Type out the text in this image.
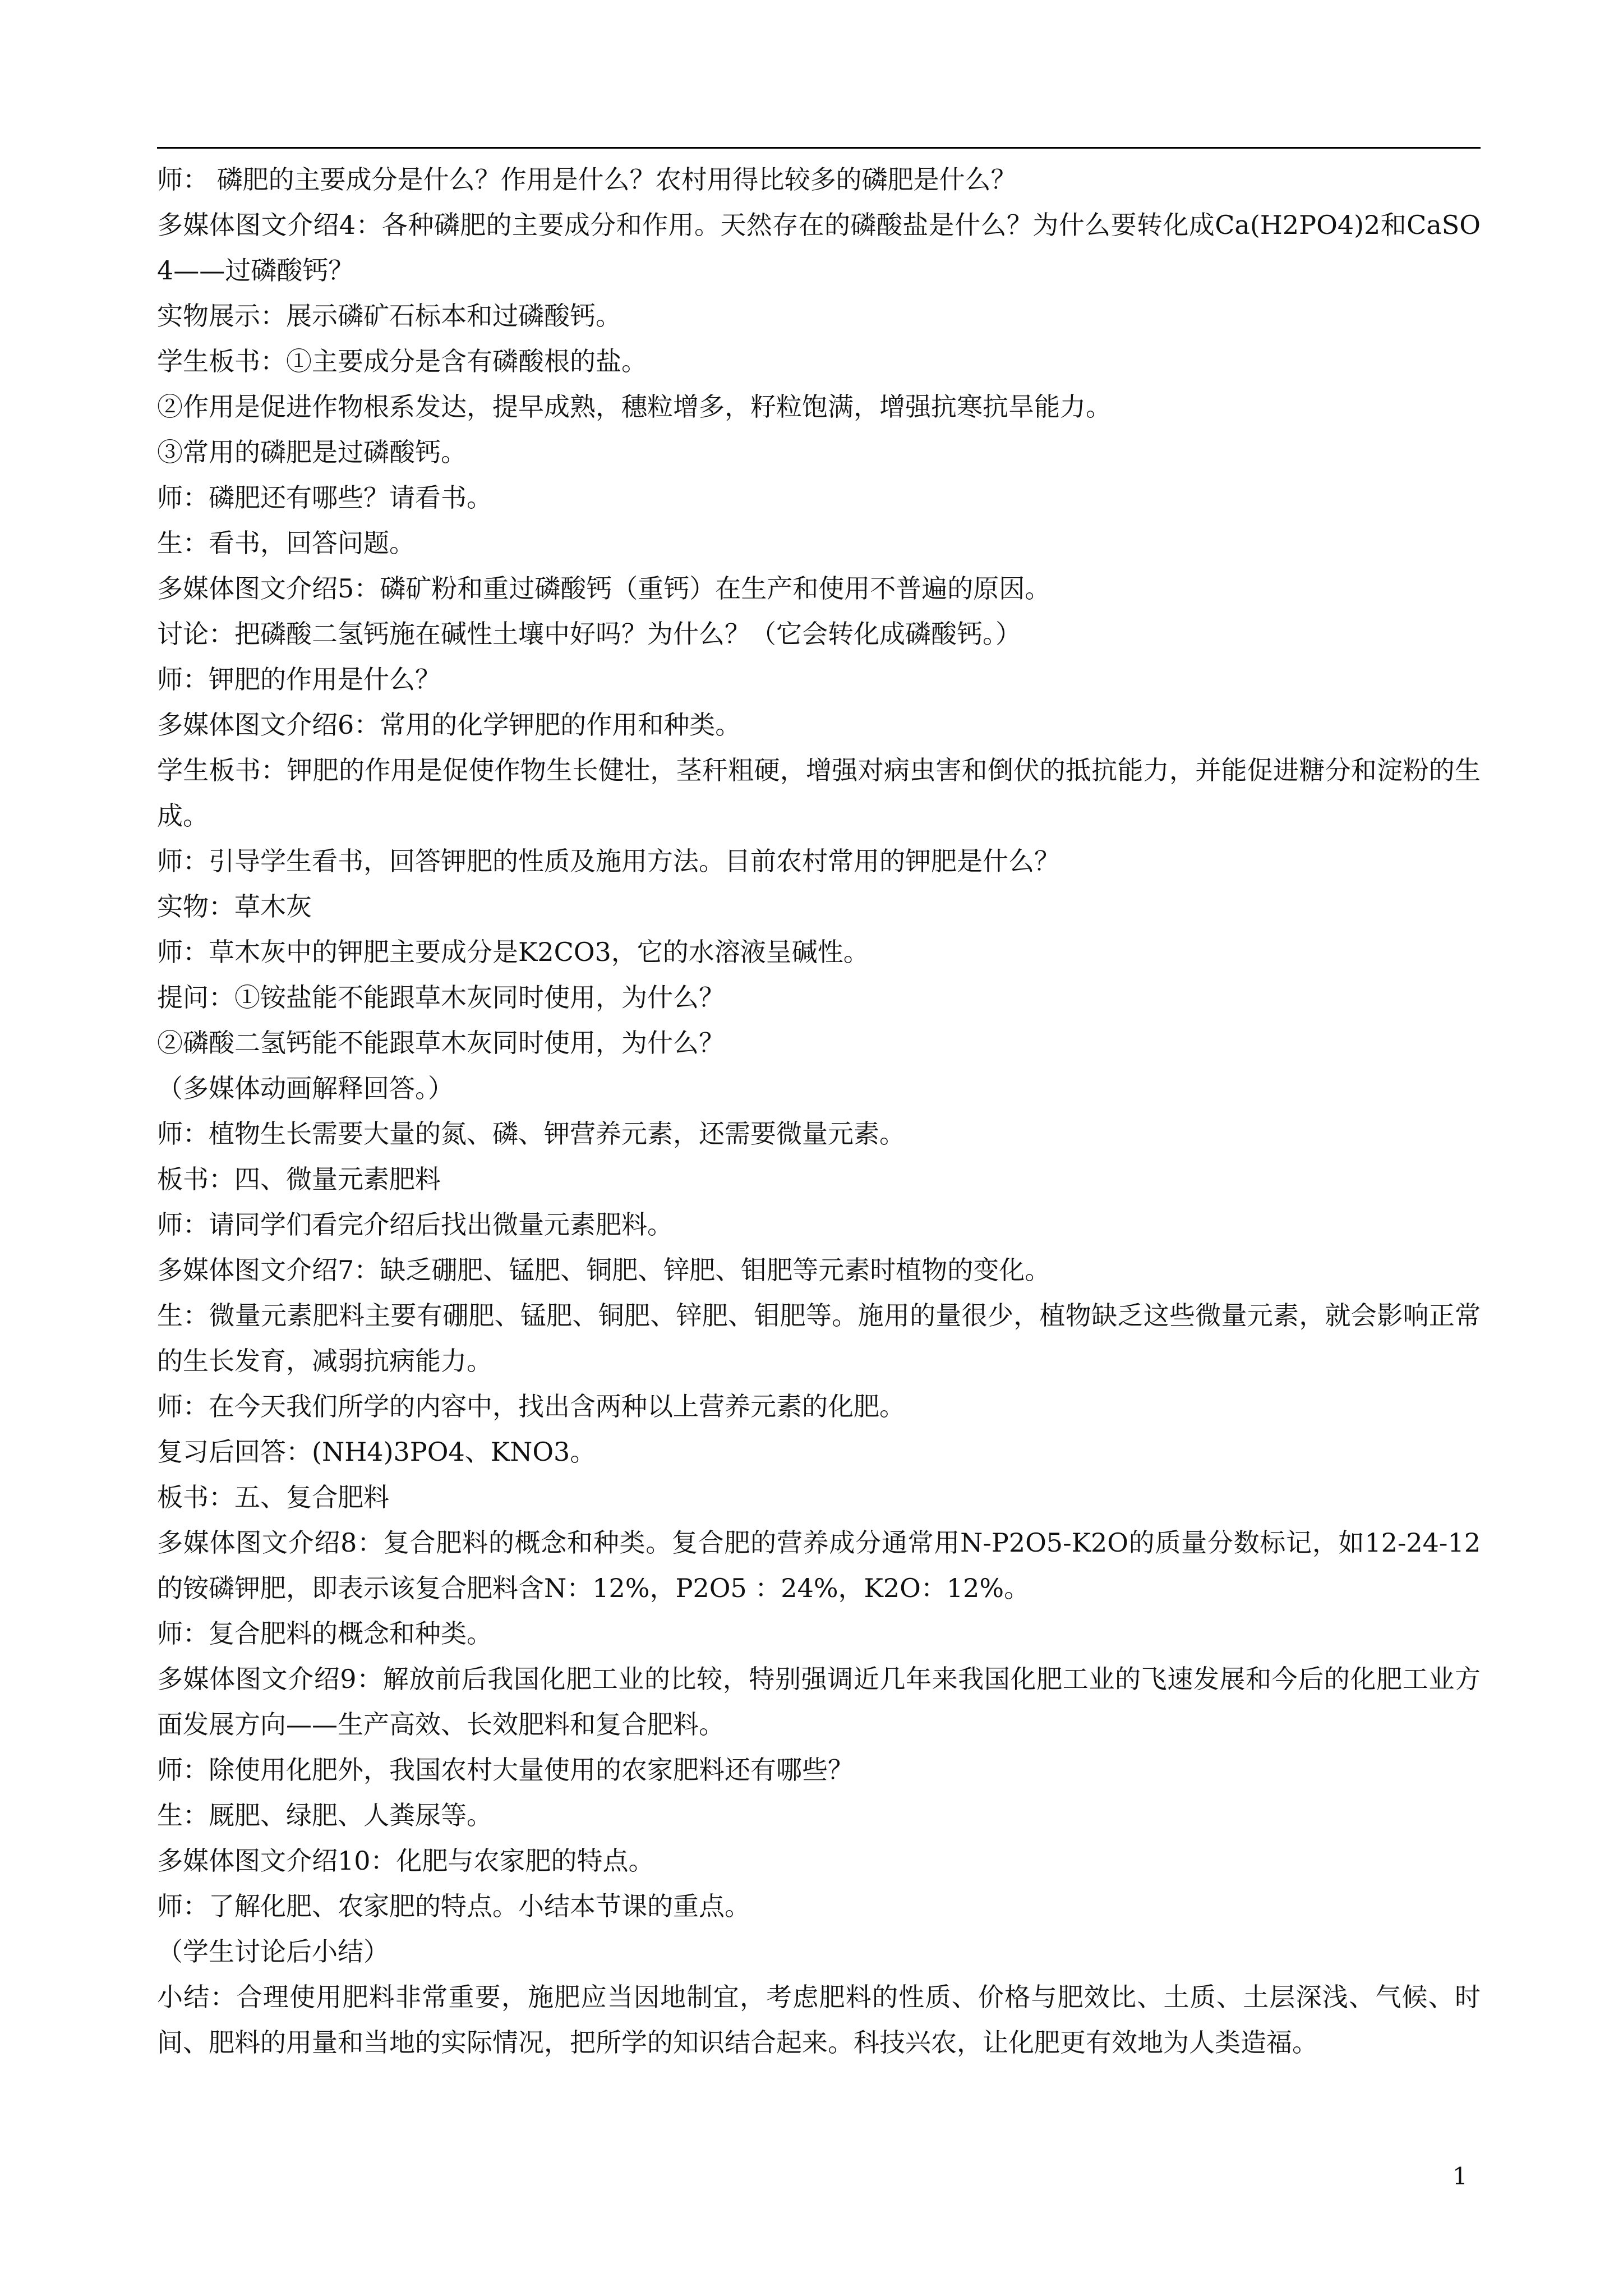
师： 磷肥的主要成分是什么？作用是什么？农村用得比较多的磷肥是什么？

多媒体图文介绍4：各种磷肥的主要成分和作用。天然存在的磷酸盐是什么？为什么要转化成Ca(H2PO4)2和CaSO4——过磷酸钙？

实物展示：展示磷矿石标本和过磷酸钙。

学生板书：①主要成分是含有磷酸根的盐。

②作用是促进作物根系发达，提早成熟，穗粒增多，籽粒饱满，增强抗寒抗旱能力。

③常用的磷肥是过磷酸钙。

师：磷肥还有哪些？请看书。

生：看书，回答问题。

多媒体图文介绍5：磷矿粉和重过磷酸钙（重钙）在生产和使用不普遍的原因。

讨论：把磷酸二氢钙施在碱性土壤中好吗？为什么？（它会转化成磷酸钙。）

师：钾肥的作用是什么？

多媒体图文介绍6：常用的化学钾肥的作用和种类。

学生板书：钾肥的作用是促使作物生长健壮，茎秆粗硬，增强对病虫害和倒伏的抵抗能力，并能促进糖分和淀粉的生成。

师：引导学生看书，回答钾肥的性质及施用方法。目前农村常用的钾肥是什么？

实物：草木灰

师：草木灰中的钾肥主要成分是K2CO3，它的水溶液呈碱性。

提问：①铵盐能不能跟草木灰同时使用，为什么？

②磷酸二氢钙能不能跟草木灰同时使用，为什么？

（多媒体动画解释回答。）

师：植物生长需要大量的氮、磷、钾营养元素，还需要微量元素。

板书：四、微量元素肥料

师：请同学们看完介绍后找出微量元素肥料。

多媒体图文介绍7：缺乏硼肥、锰肥、铜肥、锌肥、钼肥等元素时植物的变化。

生：微量元素肥料主要有硼肥、锰肥、铜肥、锌肥、钼肥等。施用的量很少，植物缺乏这些微量元素，就会影响正常的生长发育，减弱抗病能力。

师：在今天我们所学的内容中，找出含两种以上营养元素的化肥。

复习后回答：(NH4)3PO4、KNO3。

板书：五、复合肥料

多媒体图文介绍8：复合肥料的概念和种类。复合肥的营养成分通常用N-P2O5-K2O的质量分数标记，如12-24-12的铵磷钾肥，即表示该复合肥料含N：12%，P2O5 ：24%，K2O：12%。

师：复合肥料的概念和种类。

多媒体图文介绍9：解放前后我国化肥工业的比较，特别强调近几年来我国化肥工业的飞速发展和今后的化肥工业方面发展方向——生产高效、长效肥料和复合肥料。

师：除使用化肥外，我国农村大量使用的农家肥料还有哪些？

生：厩肥、绿肥、人粪尿等。

多媒体图文介绍10：化肥与农家肥的特点。

师：了解化肥、农家肥的特点。小结本节课的重点。

（学生讨论后小结）

小结：合理使用肥料非常重要，施肥应当因地制宜，考虑肥料的性质、价格与肥效比、土质、土层深浅、气候、时间、肥料的用量和当地的实际情况，把所学的知识结合起来。科技兴农，让化肥更有效地为人类造福。

1
